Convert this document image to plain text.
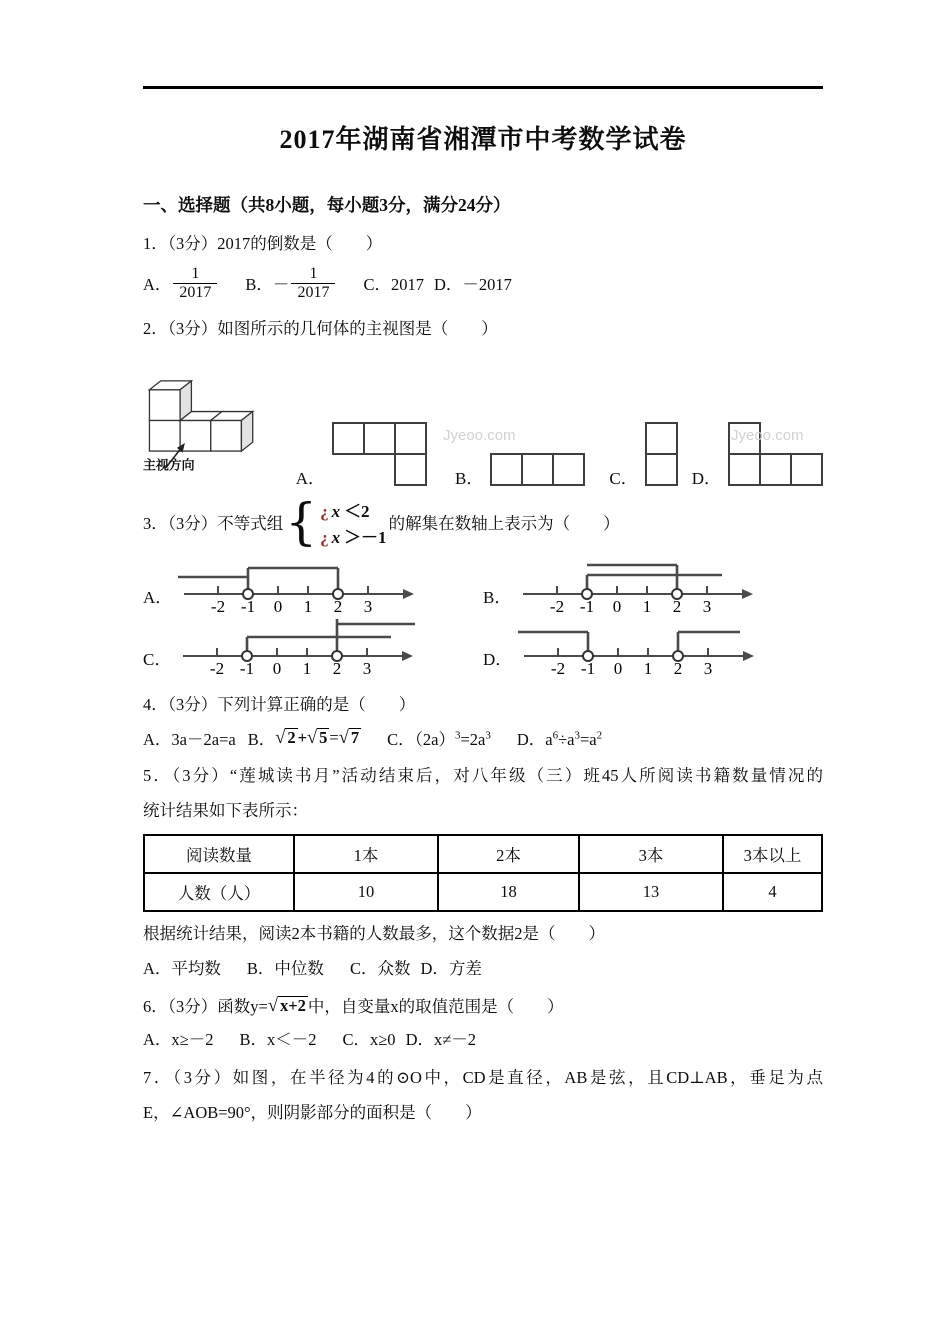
2017年湖南省湘潭市中考数学试卷
一、选择题（共8小题，每小题3分，满分24分）

1．（3分）2017的倒数是（　　）

A． $\frac{1}{2017}$ B．－ $\frac{1}{2017}$ C．2017 D．－2017

2．（3分）如图所示的几何体的主视图是（　　）

Jyeoo.com	Jyeoo.com
主视方向
A．	B．	C．	D．
3．（3分）不等式组 { ¿ x ＜2
¿ x ＞－1
的解集在数轴上表示为（　　）
A． -2 -1 0 1 2 3	B． -2 -1 0 1 2 3
C． -2 -1 0 1 2 3	D． -2 -1 0 1 2 3

4．（3分）下列计算正确的是（　　）

A．3a－2a=a B． √ 2 + √ 5 = √ 7 C．$(2a)^3=2a^3$ D．$a^6\div a^3=a^2$

5．（3分）“莲城读书月”活动结束后，对八年级（三）班45人所阅读书籍数量情况的
统计结果如下表所示：

阅读数量	1本	2本	3本	3本以上
人数（人）	10	18	13	4

根据统计结果，阅读2本书籍的人数最多，这个数据2是（　　）

A．平均数 B．中位数 C．众数 D．方差
6．（3分）函数y= √ x+2 中，自变量x的取值范围是（　　）
A．x≥－2 B．x＜－2 C．x≥0 D．x≠－2

7．（3分）如图，在半径为4的⊙O中，CD是直径，AB是弦，且CD⊥AB，垂足为点
E，∠AOB=90°，则阴影部分的面积是（　　）
